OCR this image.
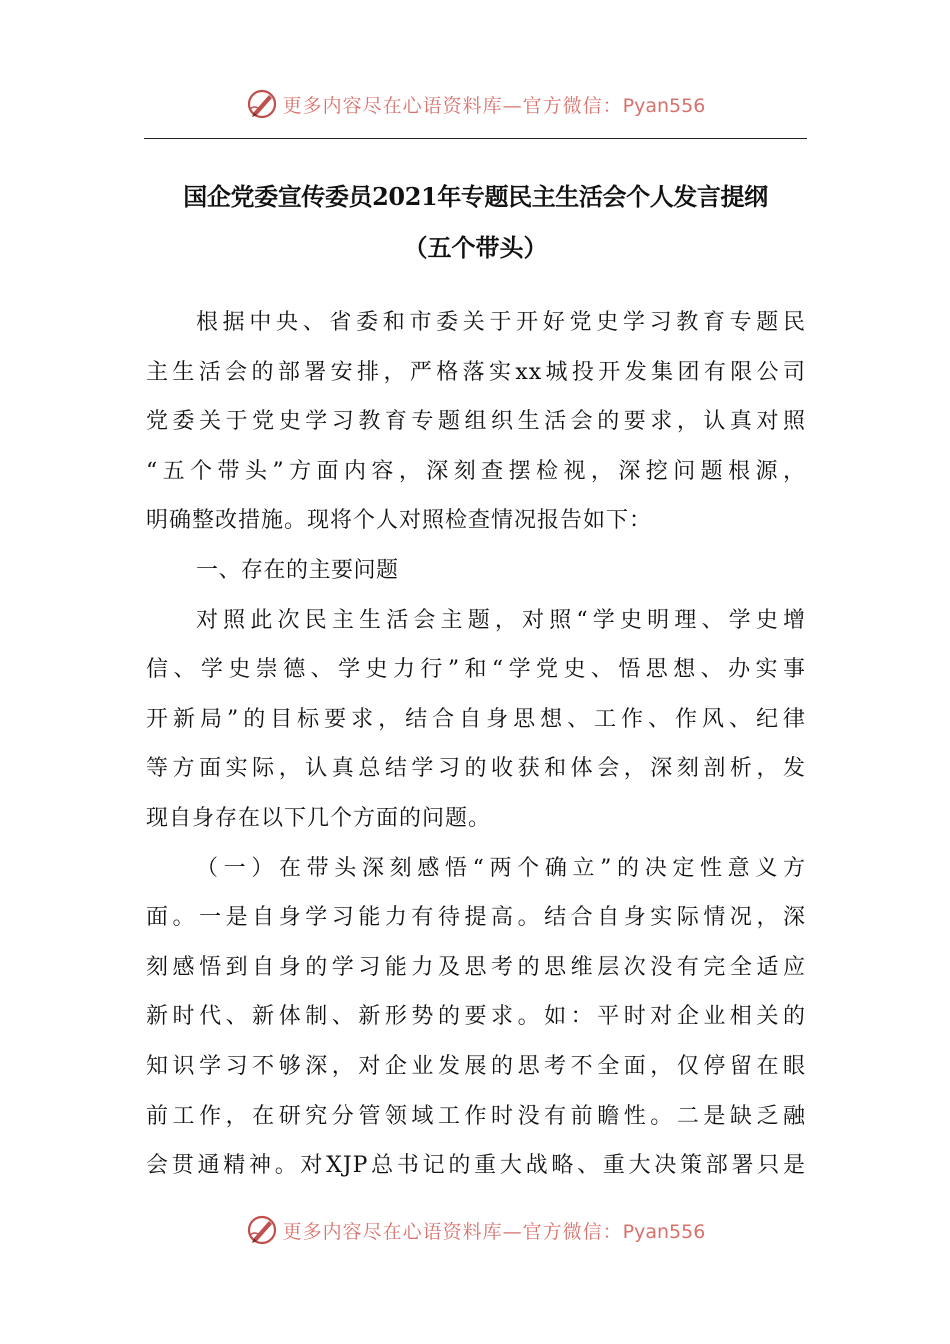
更多内容尽在心语资料库—官方微信：Pyan556
国企党委宣传委员2021年专题民主生活会个人发言提纲
（五个带头）
根据中央、省委和市委关于开好党史学习教育专题民
主生活会的部署安排，严格落实xx城投开发集团有限公司
党委关于党史学习教育专题组织生活会的要求，认真对照
“五个带头”方面内容，深刻查摆检视，深挖问题根源，
明确整改措施。现将个人对照检查情况报告如下：
一、存在的主要问题
对照此次民主生活会主题，对照“学史明理、学史增
信、学史崇德、学史力行”和“学党史、悟思想、办实事
开新局”的目标要求，结合自身思想、工作、作风、纪律
等方面实际，认真总结学习的收获和体会，深刻剖析，发
现自身存在以下几个方面的问题。
（一）在带头深刻感悟“两个确立”的决定性意义方
面。一是自身学习能力有待提高。结合自身实际情况，深
刻感悟到自身的学习能力及思考的思维层次没有完全适应
新时代、新体制、新形势的要求。如：平时对企业相关的
知识学习不够深，对企业发展的思考不全面，仅停留在眼
前工作，在研究分管领域工作时没有前瞻性。二是缺乏融
会贯通精神。对XJP总书记的重大战略、重大决策部署只是
更多内容尽在心语资料库—官方微信：Pyan556
